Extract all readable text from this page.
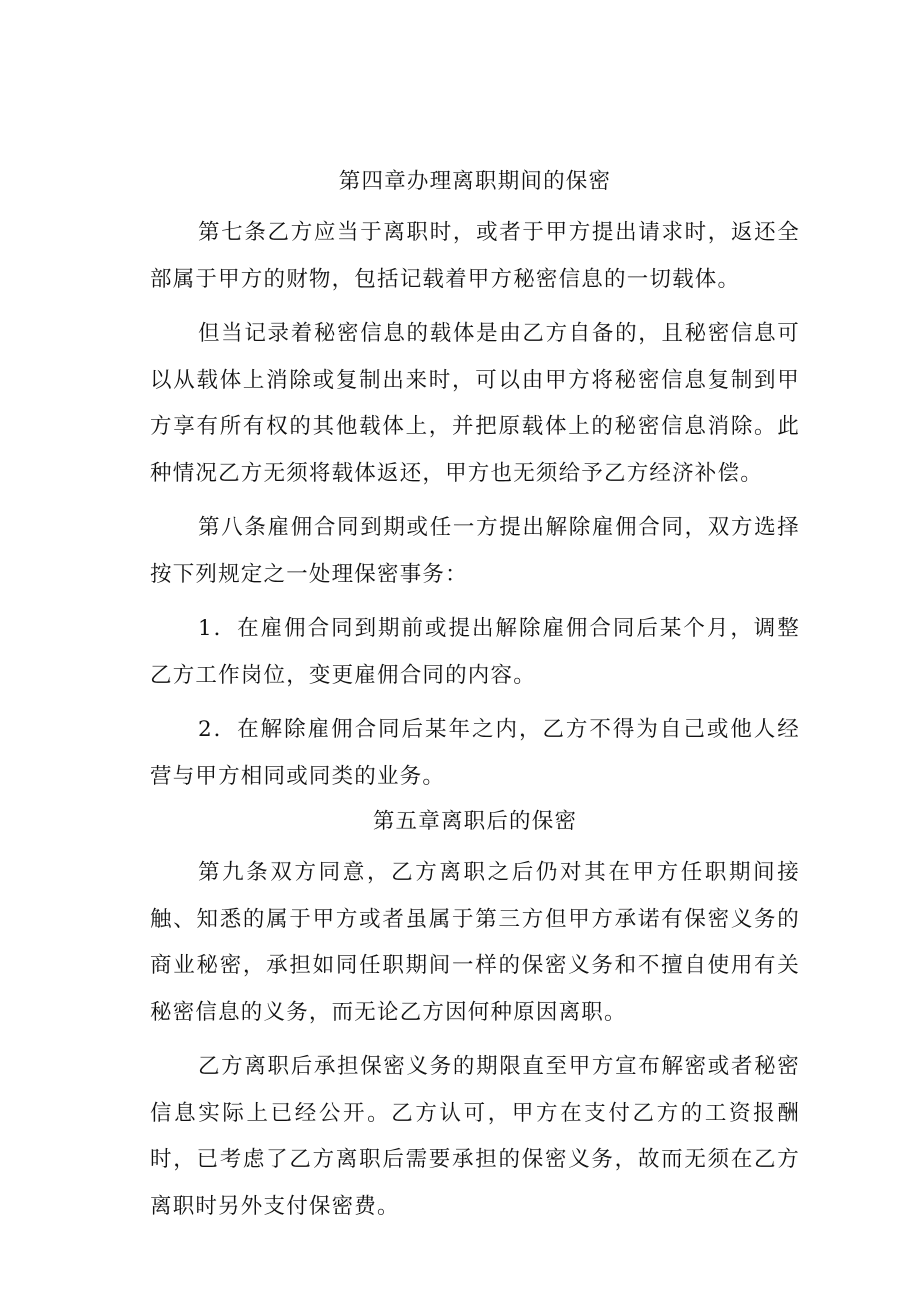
第四章办理离职期间的保密

第七条乙方应当于离职时，或者于甲方提出请求时，返还全部属于甲方的财物，包括记载着甲方秘密信息的一切载体。

但当记录着秘密信息的载体是由乙方自备的，且秘密信息可以从载体上消除或复制出来时，可以由甲方将秘密信息复制到甲方享有所有权的其他载体上，并把原载体上的秘密信息消除。此种情况乙方无须将载体返还，甲方也无须给予乙方经济补偿。

第八条雇佣合同到期或任一方提出解除雇佣合同，双方选择按下列规定之一处理保密事务：

1．在雇佣合同到期前或提出解除雇佣合同后某个月，调整乙方工作岗位，变更雇佣合同的内容。

2．在解除雇佣合同后某年之内，乙方不得为自己或他人经营与甲方相同或同类的业务。

第五章离职后的保密

第九条双方同意，乙方离职之后仍对其在甲方任职期间接触、知悉的属于甲方或者虽属于第三方但甲方承诺有保密义务的商业秘密，承担如同任职期间一样的保密义务和不擅自使用有关秘密信息的义务，而无论乙方因何种原因离职。

乙方离职后承担保密义务的期限直至甲方宣布解密或者秘密信息实际上已经公开。乙方认可，甲方在支付乙方的工资报酬时，已考虑了乙方离职后需要承担的保密义务，故而无须在乙方离职时另外支付保密费。
